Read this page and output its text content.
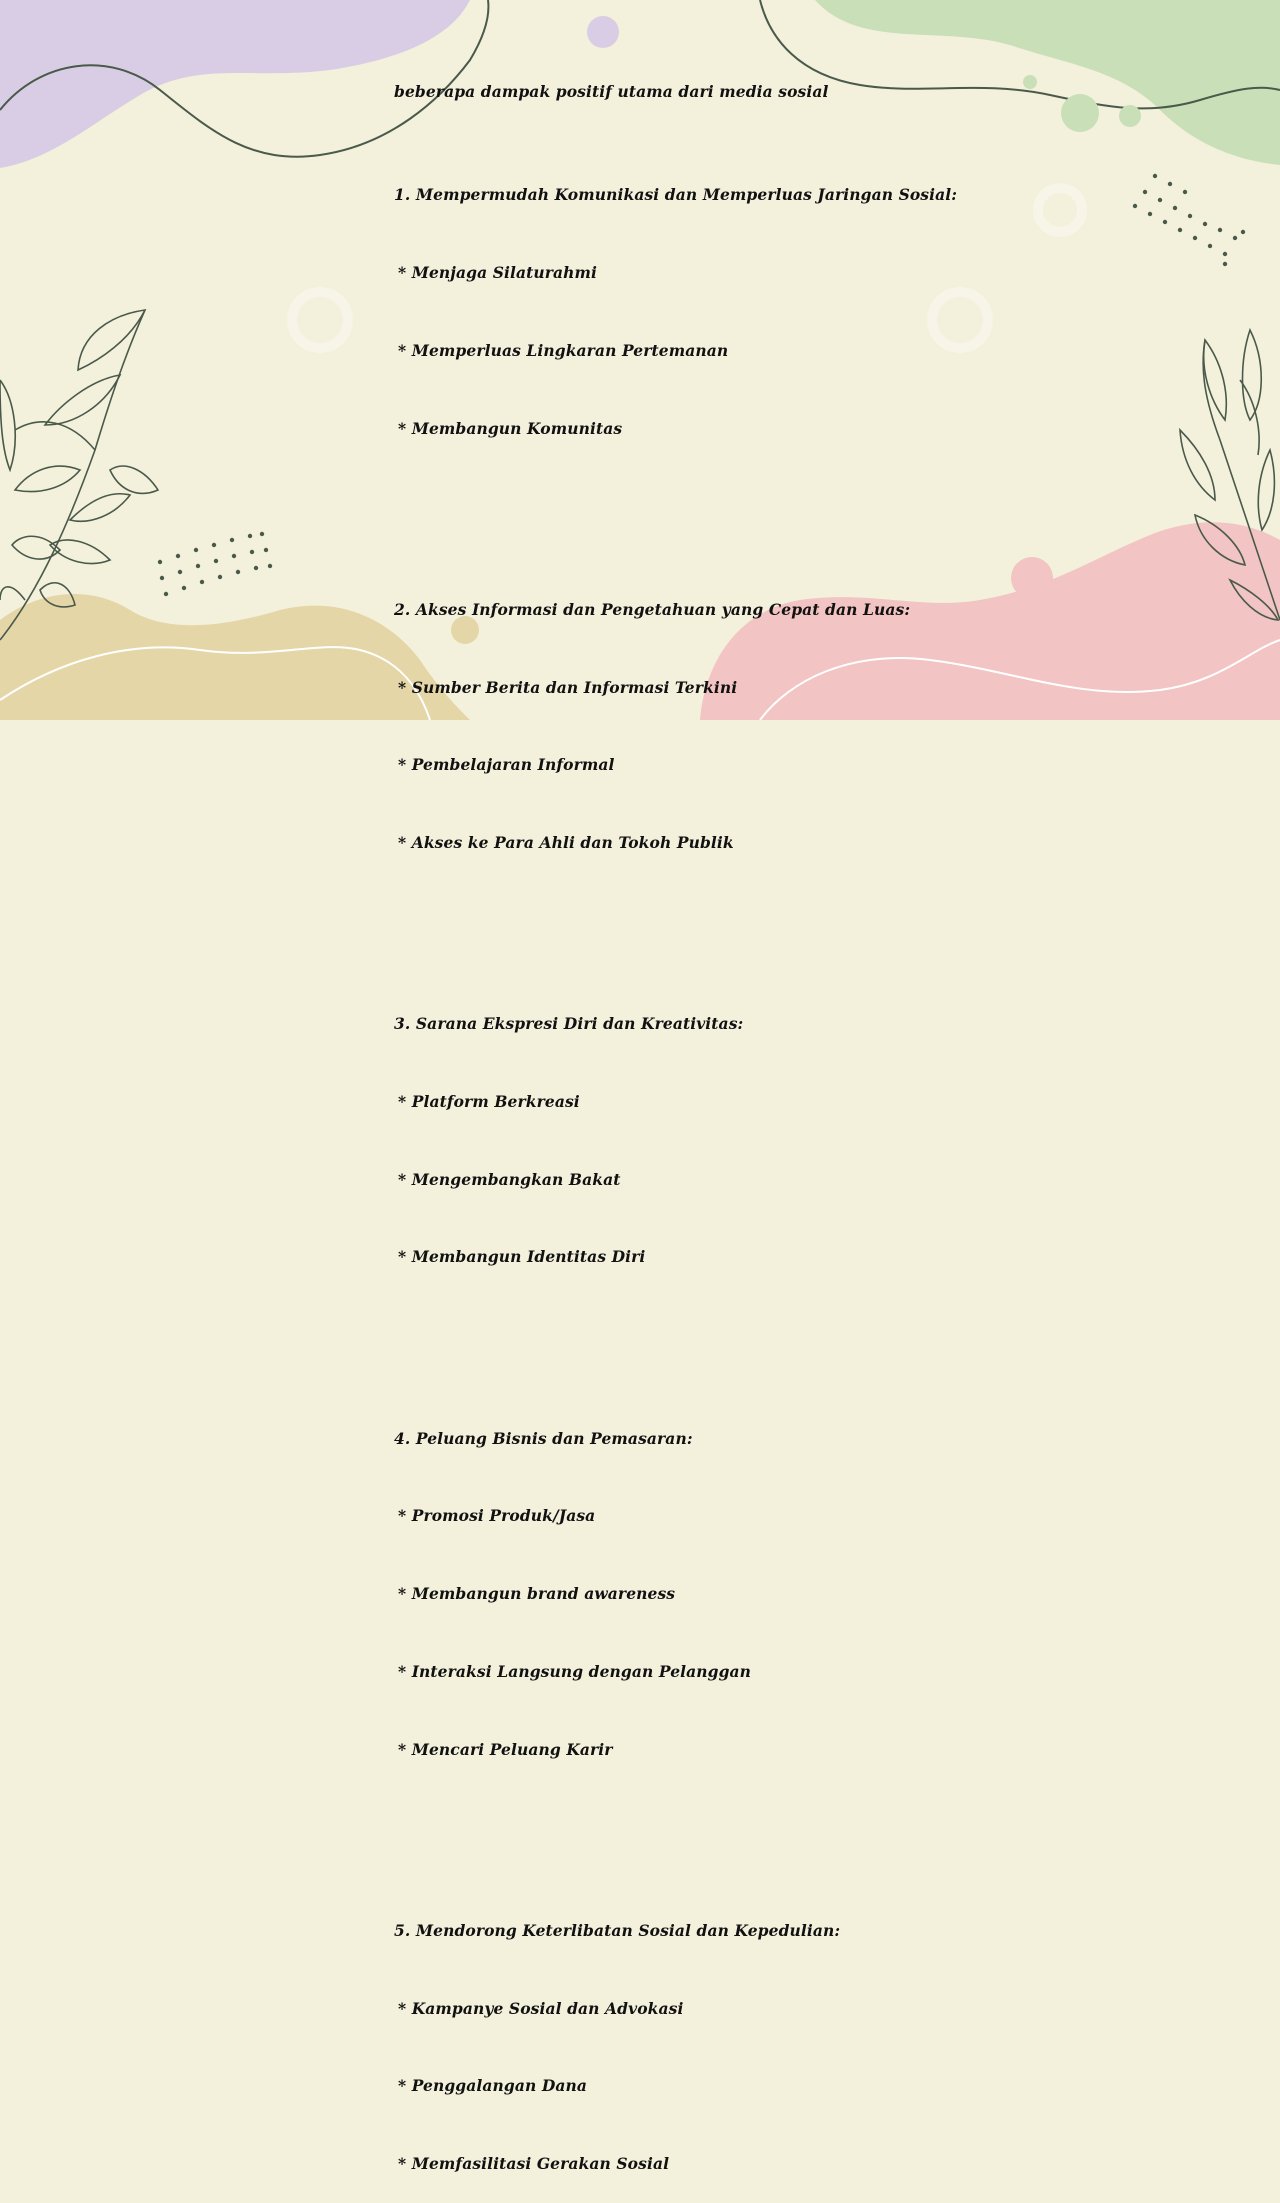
beberapa dampak positif utama dari media sosial

1. Mempermudah Komunikasi dan Memperluas Jaringan Sosial:

* Menjaga Silaturahmi

* Memperluas Lingkaran Pertemanan

* Membangun Komunitas

2. Akses Informasi dan Pengetahuan yang Cepat dan Luas:

* Sumber Berita dan Informasi Terkini

* Pembelajaran Informal

* Akses ke Para Ahli dan Tokoh Publik

3. Sarana Ekspresi Diri dan Kreativitas:

* Platform Berkreasi

* Mengembangkan Bakat

* Membangun Identitas Diri

4. Peluang Bisnis dan Pemasaran:

* Promosi Produk/Jasa

* Membangun brand awareness

* Interaksi Langsung dengan Pelanggan

* Mencari Peluang Karir

5. Mendorong Keterlibatan Sosial dan Kepedulian:

* Kampanye Sosial dan Advokasi

* Penggalangan Dana

* Memfasilitasi Gerakan Sosial
